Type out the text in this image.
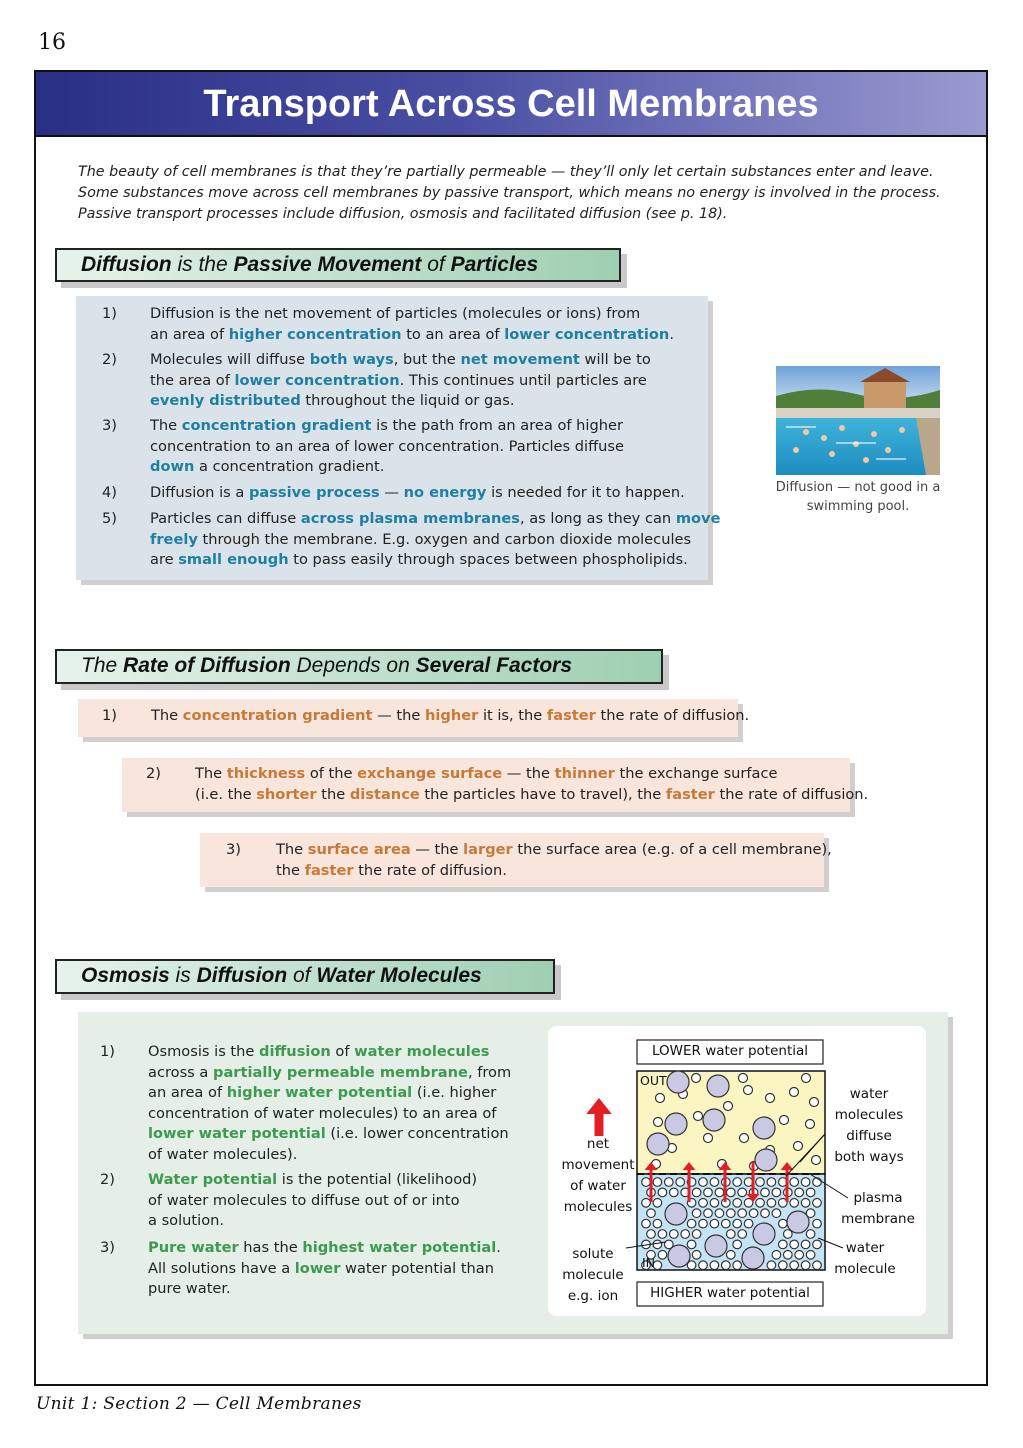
16
Transport Across Cell Membranes

The beauty of cell membranes is that they’re partially permeable — they’ll only let certain substances enter and leave.

Some substances move across cell membranes by passive transport, which means no energy is involved in the process.

Passive transport processes include diffusion, osmosis and facilitated diffusion (see p. 18).

Diffusion is the Passive Movement of Particles
1) Diffusion is the net movement of particles (molecules or ions) from

an area of higher concentration to an area of lower concentration.

2) Molecules will diffuse both ways, but the net movement will be to

the area of lower concentration. This continues until particles are

evenly distributed throughout the liquid or gas.

3) The concentration gradient is the path from an area of higher

concentration to an area of lower concentration. Particles diffuse

down a concentration gradient.

4) Diffusion is a passive process — no energy is needed for it to happen.

5) Particles can diffuse across plasma membranes, as long as they can move

freely through the membrane. E.g. oxygen and carbon dioxide molecules

are small enough to pass easily through spaces between phospholipids.

Diffusion — not good in a swimming pool.
The Rate of Diffusion Depends on Several Factors
1) The concentration gradient — the higher it is, the faster the rate of diffusion.

2) The thickness of the exchange surface — the thinner the exchange surface

(i.e. the shorter the distance the particles have to travel), the faster the rate of diffusion.

3) The surface area — the larger the surface area (e.g. of a cell membrane),

the faster the rate of diffusion.

Osmosis is Diffusion of Water Molecules
1) Osmosis is the diffusion of water molecules

across a partially permeable membrane, from

an area of higher water potential (i.e. higher

concentration of water molecules) to an area of

lower water potential (i.e. lower concentration

of water molecules).

2) Water potential is the potential (likelihood)

of water molecules to diffuse out of or into

a solution.

3) Pure water has the highest water potential.

All solutions have a lower water potential than

pure water.

LOWER water potential
HIGHER water potential
OUT
IN
net
movement
of water
molecules
water
molecules
diffuse
both ways
plasma
membrane
water
molecule
solute
molecule
e.g. ion
Unit 1: Section 2 — Cell Membranes
